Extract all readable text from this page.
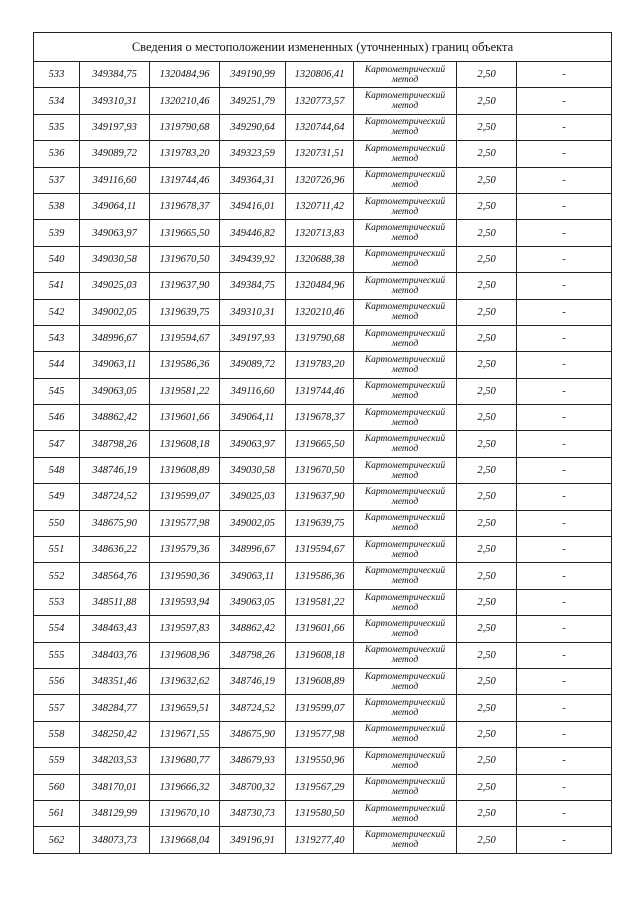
Сведения о местоположении измененных (уточненных) границ объекта							
533	349384,75	1320484,96	349190,99	1320806,41	Картометрический
метод	2,50	-
534	349310,31	1320210,46	349251,79	1320773,57	Картометрический
метод	2,50	-
535	349197,93	1319790,68	349290,64	1320744,64	Картометрический
метод	2,50	-
536	349089,72	1319783,20	349323,59	1320731,51	Картометрический
метод	2,50	-
537	349116,60	1319744,46	349364,31	1320726,96	Картометрический
метод	2,50	-
538	349064,11	1319678,37	349416,01	1320711,42	Картометрический
метод	2,50	-
539	349063,97	1319665,50	349446,82	1320713,83	Картометрический
метод	2,50	-
540	349030,58	1319670,50	349439,92	1320688,38	Картометрический
метод	2,50	-
541	349025,03	1319637,90	349384,75	1320484,96	Картометрический
метод	2,50	-
542	349002,05	1319639,75	349310,31	1320210,46	Картометрический
метод	2,50	-
543	348996,67	1319594,67	349197,93	1319790,68	Картометрический
метод	2,50	-
544	349063,11	1319586,36	349089,72	1319783,20	Картометрический
метод	2,50	-
545	349063,05	1319581,22	349116,60	1319744,46	Картометрический
метод	2,50	-
546	348862,42	1319601,66	349064,11	1319678,37	Картометрический
метод	2,50	-
547	348798,26	1319608,18	349063,97	1319665,50	Картометрический
метод	2,50	-
548	348746,19	1319608,89	349030,58	1319670,50	Картометрический
метод	2,50	-
549	348724,52	1319599,07	349025,03	1319637,90	Картометрический
метод	2,50	-
550	348675,90	1319577,98	349002,05	1319639,75	Картометрический
метод	2,50	-
551	348636,22	1319579,36	348996,67	1319594,67	Картометрический
метод	2,50	-
552	348564,76	1319590,36	349063,11	1319586,36	Картометрический
метод	2,50	-
553	348511,88	1319593,94	349063,05	1319581,22	Картометрический
метод	2,50	-
554	348463,43	1319597,83	348862,42	1319601,66	Картометрический
метод	2,50	-
555	348403,76	1319608,96	348798,26	1319608,18	Картометрический
метод	2,50	-
556	348351,46	1319632,62	348746,19	1319608,89	Картометрический
метод	2,50	-
557	348284,77	1319659,51	348724,52	1319599,07	Картометрический
метод	2,50	-
558	348250,42	1319671,55	348675,90	1319577,98	Картометрический
метод	2,50	-
559	348203,53	1319680,77	348679,93	1319550,96	Картометрический
метод	2,50	-
560	348170,01	1319666,32	348700,32	1319567,29	Картометрический
метод	2,50	-
561	348129,99	1319670,10	348730,73	1319580,50	Картометрический
метод	2,50	-
562	348073,73	1319668,04	349196,91	1319277,40	Картометрический
метод	2,50	-
